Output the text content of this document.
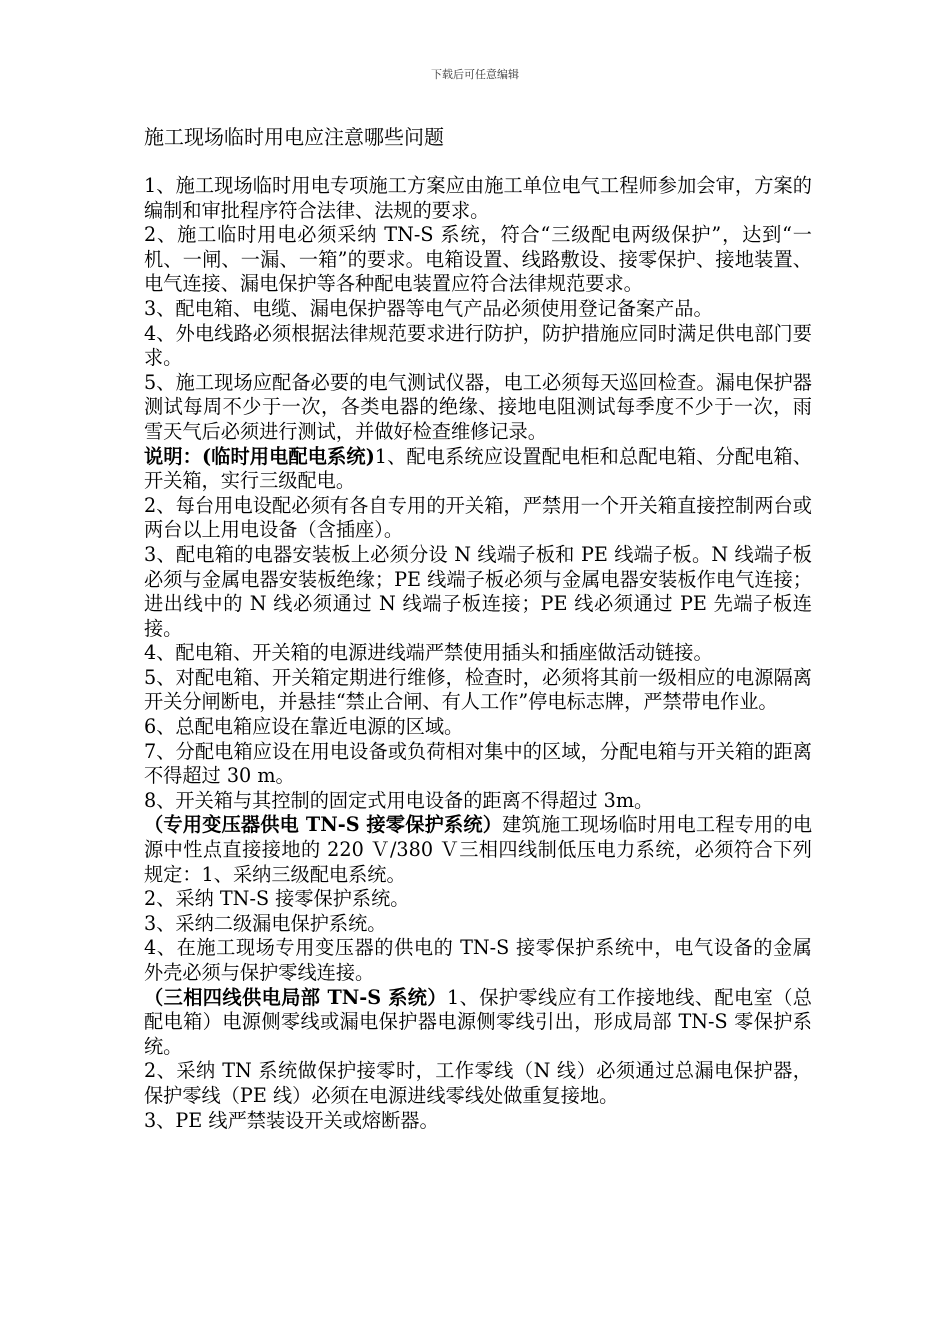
下载后可任意编辑
施工现场临时用电应注意哪些问题

1、施工现场临时用电专项施工方案应由施工单位电气工程师参加会审，方案的编制和审批程序符合法律、法规的要求。

2、施工临时用电必须采纳 TN-S 系统，符合“三级配电两级保护”，达到“一机、一闸、一漏、一箱”的要求。电箱设置、线路敷设、接零保护、接地装置、电气连接、漏电保护等各种配电装置应符合法律规范要求。

3、配电箱、电缆、漏电保护器等电气产品必须使用登记备案产品。

4、外电线路必须根据法律规范要求进行防护，防护措施应同时满足供电部门要求。

5、施工现场应配备必要的电气测试仪器，电工必须每天巡回检查。漏电保护器测试每周不少于一次，各类电器的绝缘、接地电阻测试每季度不少于一次，雨雪天气后必须进行测试，并做好检查维修记录。

说明：(临时用电配电系统)1、配电系统应设置配电柜和总配电箱、分配电箱、开关箱，实行三级配电。

2、每台用电设配必须有各自专用的开关箱，严禁用一个开关箱直接控制两台或两台以上用电设备（含插座）。

3、配电箱的电器安装板上必须分设 N 线端子板和 PE 线端子板。N 线端子板必须与金属电器安装板绝缘；PE 线端子板必须与金属电器安装板作电气连接；进出线中的 N 线必须通过 N 线端子板连接；PE 线必须通过 PE 先端子板连接。

4、配电箱、开关箱的电源进线端严禁使用插头和插座做活动链接。

5、对配电箱、开关箱定期进行维修，检查时，必须将其前一级相应的电源隔离开关分闸断电，并悬挂“禁止合闸、有人工作”停电标志牌，严禁带电作业。

6、总配电箱应设在靠近电源的区域。

7、分配电箱应设在用电设备或负荷相对集中的区域，分配电箱与开关箱的距离不得超过 30 m。

8、开关箱与其控制的固定式用电设备的距离不得超过 3m。

（专用变压器供电 TN-S 接零保护系统）建筑施工现场临时用电工程专用的电源中性点直接接地的 220 Ｖ/380 Ｖ三相四线制低压电力系统，必须符合下列规定：1、采纳三级配电系统。

2、采纳 TN-S 接零保护系统。

3、采纳二级漏电保护系统。

4、在施工现场专用变压器的供电的 TN-S 接零保护系统中，电气设备的金属外壳必须与保护零线连接。

（三相四线供电局部 TN-S 系统）1、保护零线应有工作接地线、配电室（总配电箱）电源侧零线或漏电保护器电源侧零线引出，形成局部 TN-S 零保护系统。

2、采纳 TN 系统做保护接零时，工作零线（N 线）必须通过总漏电保护器，保护零线（PE 线）必须在电源进线零线处做重复接地。

3、PE 线严禁装设开关或熔断器。
